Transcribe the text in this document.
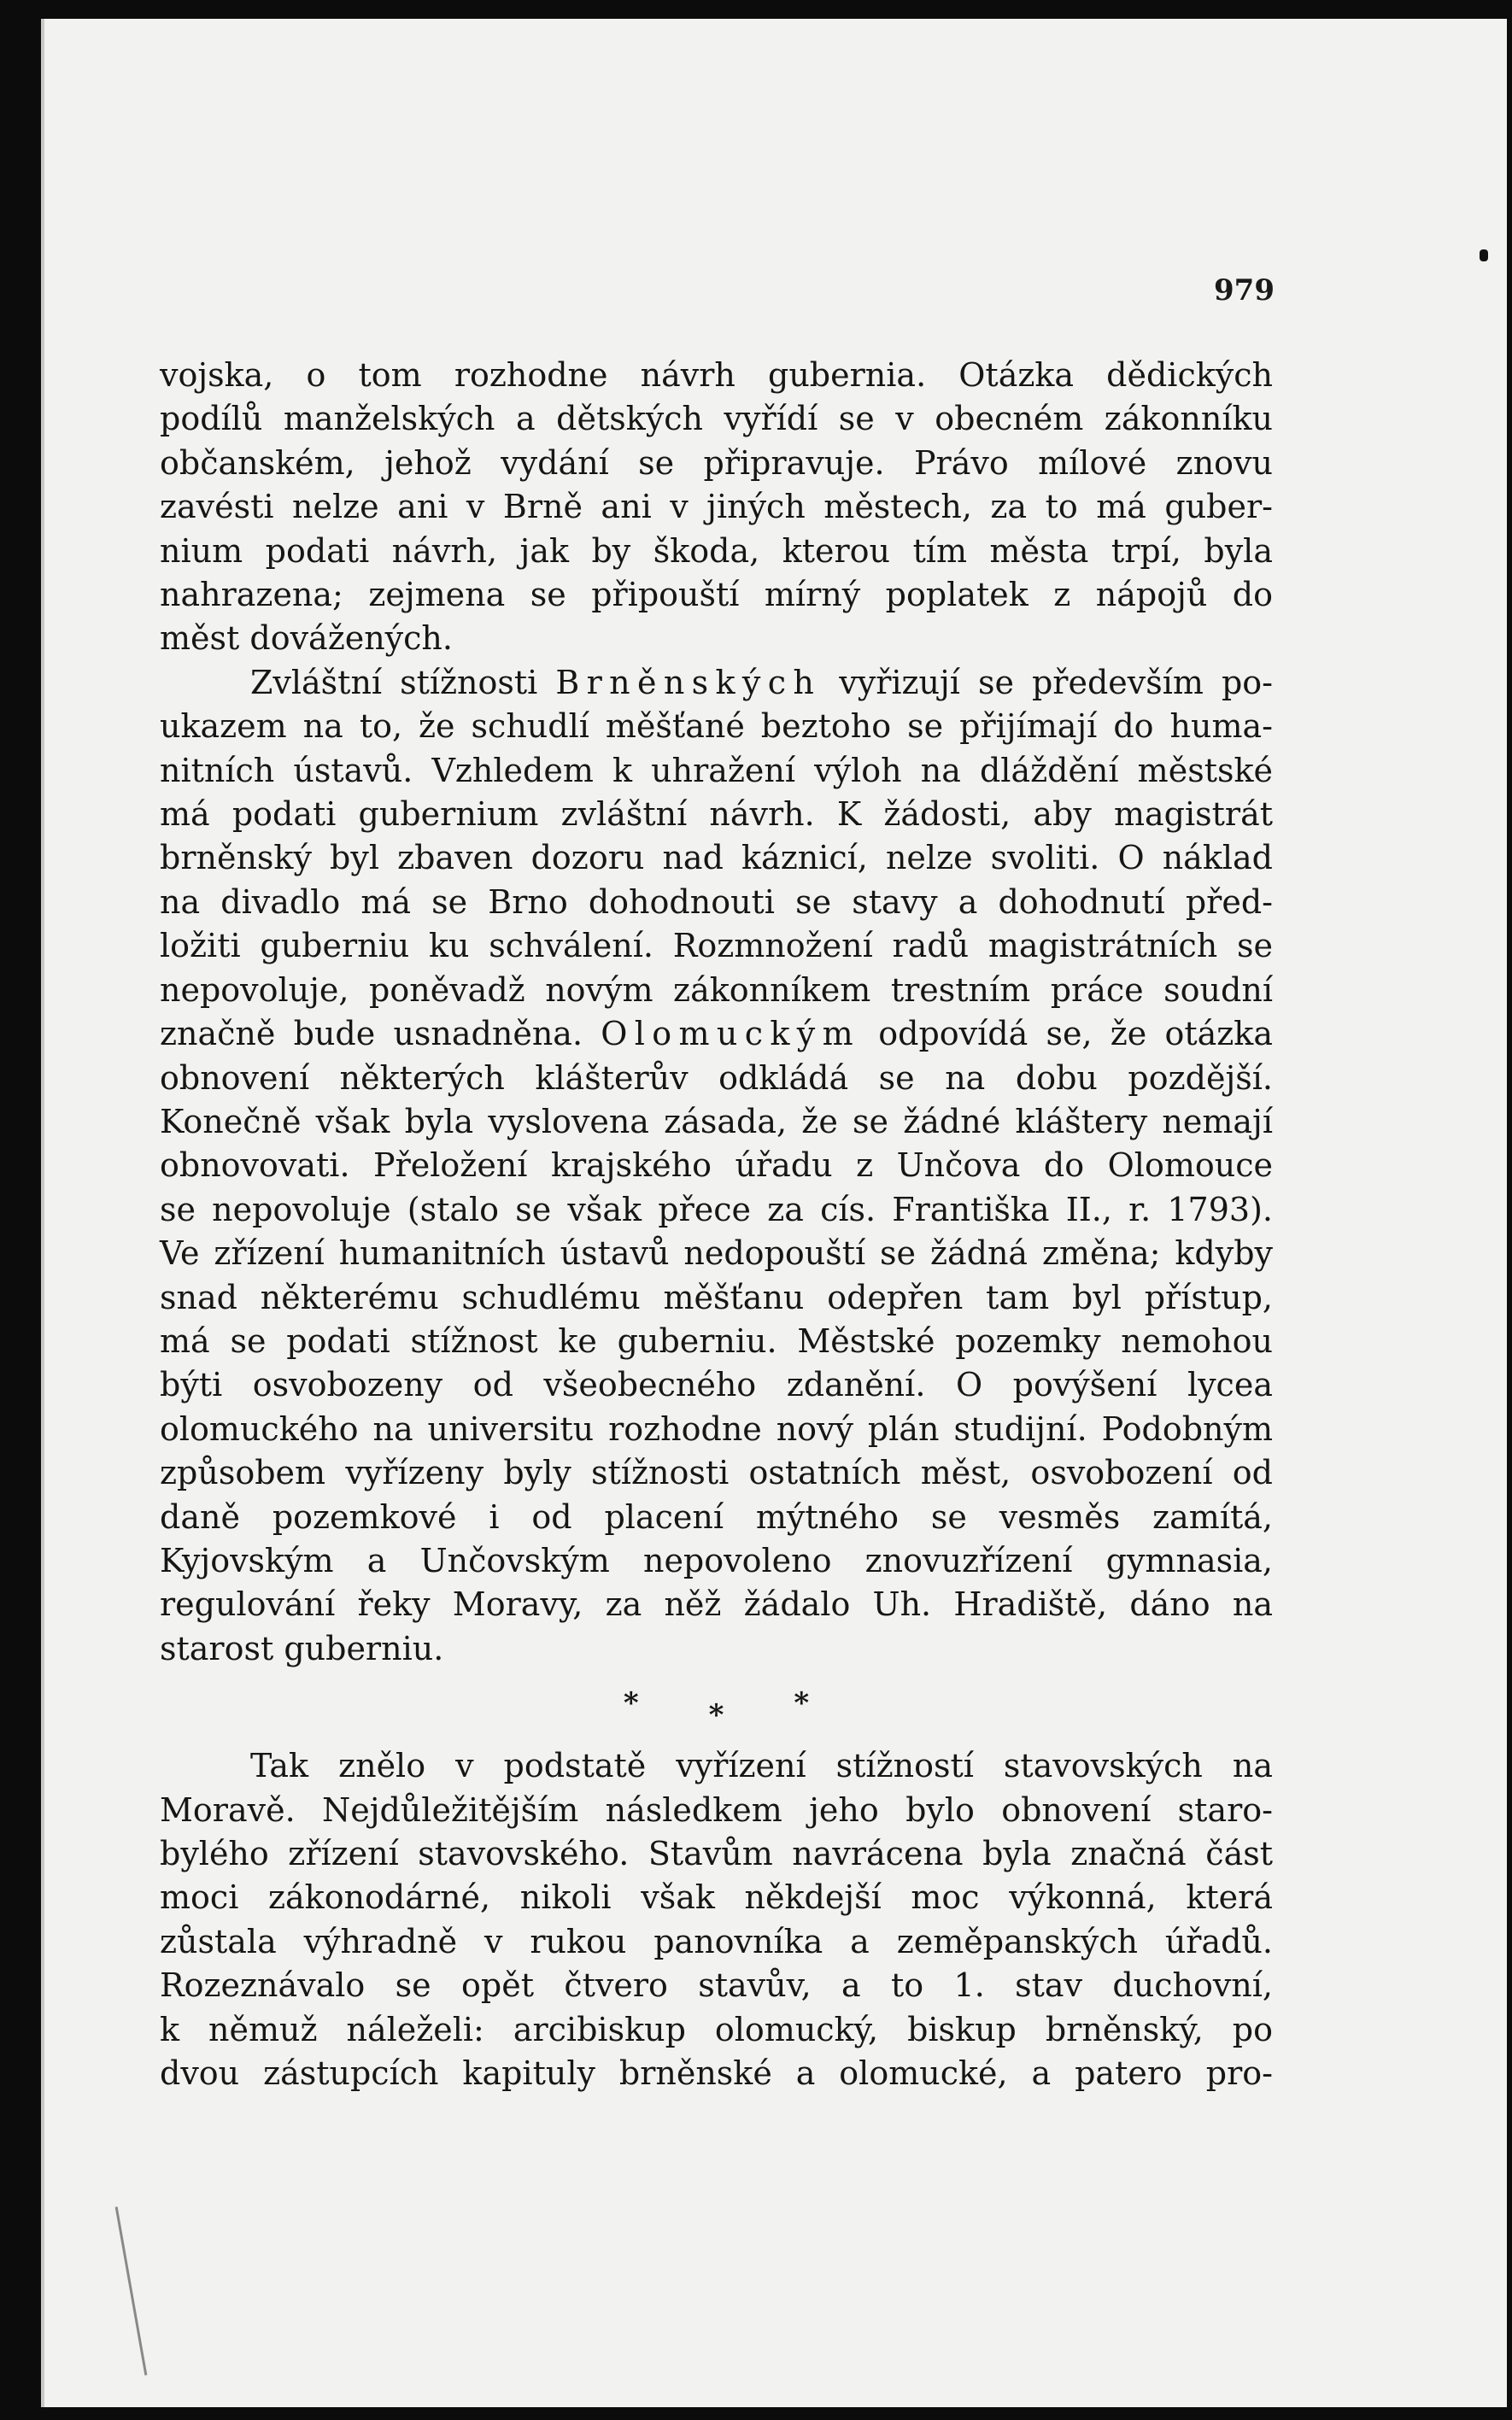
979

vojska, o tom rozhodne návrh gubernia. Otázka dědických
podílů manželských a dětských vyřídí se v obecném zákonníku
občanském, jehož vydání se připravuje. Právo mílové znovu
zavésti nelze ani v Brně ani v jiných městech, za to má guber-
nium podati návrh, jak by škoda, kterou tím města trpí, byla
nahrazena; zejmena se připouští mírný poplatek z nápojů do

měst dovážených.

Zvláštní stížnosti Brněnských vyřizují se především po-

ukazem na to, že schudlí měšťané beztoho se přijímají do huma-
nitních ústavů. Vzhledem k uhražení výloh na dláždění městské
má podati gubernium zvláštní návrh. K žádosti, aby magistrát
brněnský byl zbaven dozoru nad káznicí, nelze svoliti. O náklad
na divadlo má se Brno dohodnouti se stavy a dohodnutí před-
ložiti guberniu ku schválení. Rozmnožení radů magistrátních se
nepovoluje, poněvadž novým zákonníkem trestním práce soudní

značně bude usnadněna. Olomuckým odpovídá se, že otázka

obnovení některých klášterův odkládá se na dobu pozdější.
Konečně však byla vyslovena zásada, že se žádné kláštery nemají
obnovovati. Přeložení krajského úřadu z Unčova do Olomouce
se nepovoluje (stalo se však přece za cís. Františka II., r. 1793).
Ve zřízení humanitních ústavů nedopouští se žádná změna; kdyby
snad některému schudlému měšťanu odepřen tam byl přístup,
má se podati stížnost ke guberniu. Městské pozemky nemohou
býti osvobozeny od všeobecného zdanění. O povýšení lycea
olomuckého na universitu rozhodne nový plán studijní. Podobným
způsobem vyřízeny byly stížnosti ostatních měst, osvobození od
daně pozemkové i od placení mýtného se vesměs zamítá,
Kyjovským a Unčovským nepovoleno znovuzřízení gymnasia,
regulování řeky Moravy, za něž žádalo Uh. Hradiště, dáno na

starost guberniu.

* * *

Tak znělo v podstatě vyřízení stížností stavovských na

Moravě. Nejdůležitějším následkem jeho bylo obnovení staro-
bylého zřízení stavovského. Stavům navrácena byla značná část
moci zákonodárné, nikoli však někdejší moc výkonná, která
zůstala výhradně v rukou panovníka a zeměpanských úřadů.
Rozeznávalo se opět čtvero stavův, a to 1. stav duchovní,
k němuž náleželi: arcibiskup olomucký, biskup brněnský, po
dvou zástupcích kapituly brněnské a olomucké, a patero pro-
